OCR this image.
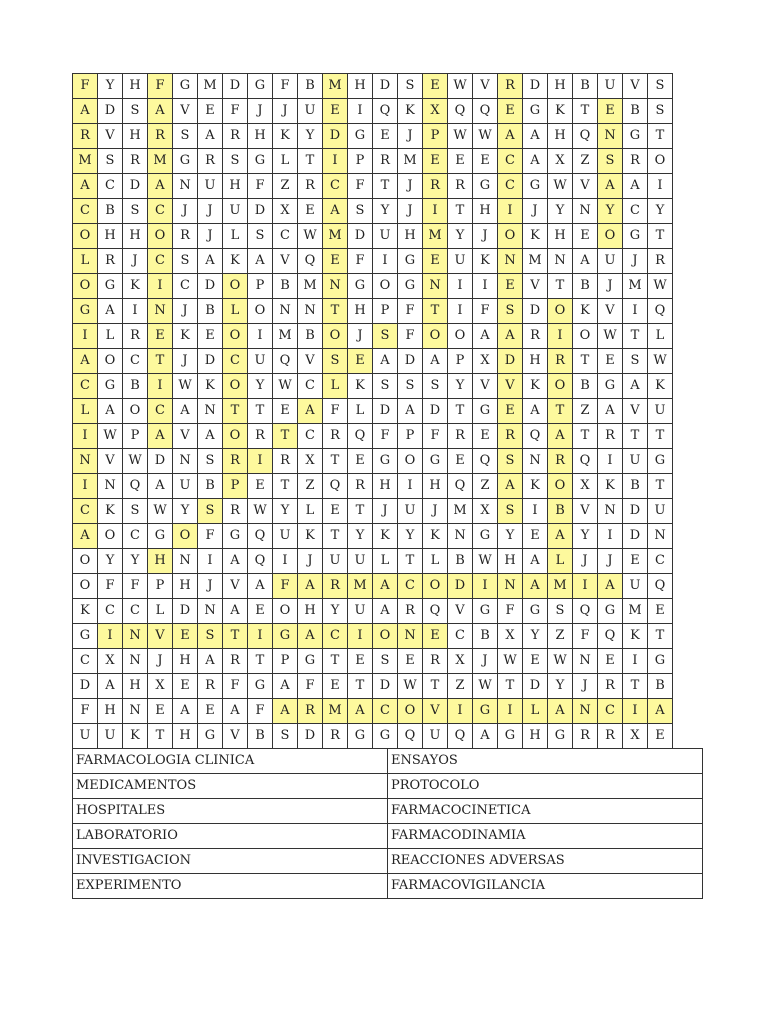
F	Y	H	F	G	M	D	G	F	B	M	H	D	S	E	W	V	R	D	H	B	U	V	S
A	D	S	A	V	E	F	J	J	U	E	I	Q	K	X	Q	Q	E	G	K	T	E	B	S
R	V	H	R	S	A	R	H	K	Y	D	G	E	J	P	W	W	A	A	H	Q	N	G	T
M	S	R	M	G	R	S	G	L	T	I	P	R	M	E	E	E	C	A	X	Z	S	R	O
A	C	D	A	N	U	H	F	Z	R	C	F	T	J	R	R	G	C	G	W	V	A	A	I
C	B	S	C	J	J	U	D	X	E	A	S	Y	J	I	T	H	I	J	Y	N	Y	C	Y
O	H	H	O	R	J	L	S	C	W	M	D	U	H	M	Y	J	O	K	H	E	O	G	T
L	R	J	C	S	A	K	A	V	Q	E	F	I	G	E	U	K	N	M	N	A	U	J	R
O	G	K	I	C	D	O	P	B	M	N	G	O	G	N	I	I	E	V	T	B	J	M	W
G	A	I	N	J	B	L	O	N	N	T	H	P	F	T	I	F	S	D	O	K	V	I	Q
I	L	R	E	K	E	O	I	M	B	O	J	S	F	O	O	A	A	R	I	O	W	T	L
A	O	C	T	J	D	C	U	Q	V	S	E	A	D	A	P	X	D	H	R	T	E	S	W
C	G	B	I	W	K	O	Y	W	C	L	K	S	S	S	Y	V	V	K	O	B	G	A	K
L	A	O	C	A	N	T	T	E	A	F	L	D	A	D	T	G	E	A	T	Z	A	V	U
I	W	P	A	V	A	O	R	T	C	R	Q	F	P	F	R	E	R	Q	A	T	R	T	T
N	V	W	D	N	S	R	I	R	X	T	E	G	O	G	E	Q	S	N	R	Q	I	U	G
I	N	Q	A	U	B	P	E	T	Z	Q	R	H	I	H	Q	Z	A	K	O	X	K	B	T
C	K	S	W	Y	S	R	W	Y	L	E	T	J	U	J	M	X	S	I	B	V	N	D	U
A	O	C	G	O	F	G	Q	U	K	T	Y	K	Y	K	N	G	Y	E	A	Y	I	D	N
O	Y	Y	H	N	I	A	Q	I	J	U	U	L	T	L	B	W	H	A	L	J	J	E	C
O	F	F	P	H	J	V	A	F	A	R	M	A	C	O	D	I	N	A	M	I	A	U	Q
K	C	C	L	D	N	A	E	O	H	Y	U	A	R	Q	V	G	F	G	S	Q	G	M	E
G	I	N	V	E	S	T	I	G	A	C	I	O	N	E	C	B	X	Y	Z	F	Q	K	T
C	X	N	J	H	A	R	T	P	G	T	E	S	E	R	X	J	W	E	W	N	E	I	G
D	A	H	X	E	R	F	G	A	F	E	T	D	W	T	Z	W	T	D	Y	J	R	T	B
F	H	N	E	A	E	A	F	A	R	M	A	C	O	V	I	G	I	L	A	N	C	I	A
U	U	K	T	H	G	V	B	S	D	R	G	G	Q	U	Q	A	G	H	G	R	R	X	E
FARMACOLOGIA CLINICA	ENSAYOS
MEDICAMENTOS	PROTOCOLO
HOSPITALES	FARMACOCINETICA
LABORATORIO	FARMACODINAMIA
INVESTIGACION	REACCIONES ADVERSAS
EXPERIMENTO	FARMACOVIGILANCIA
